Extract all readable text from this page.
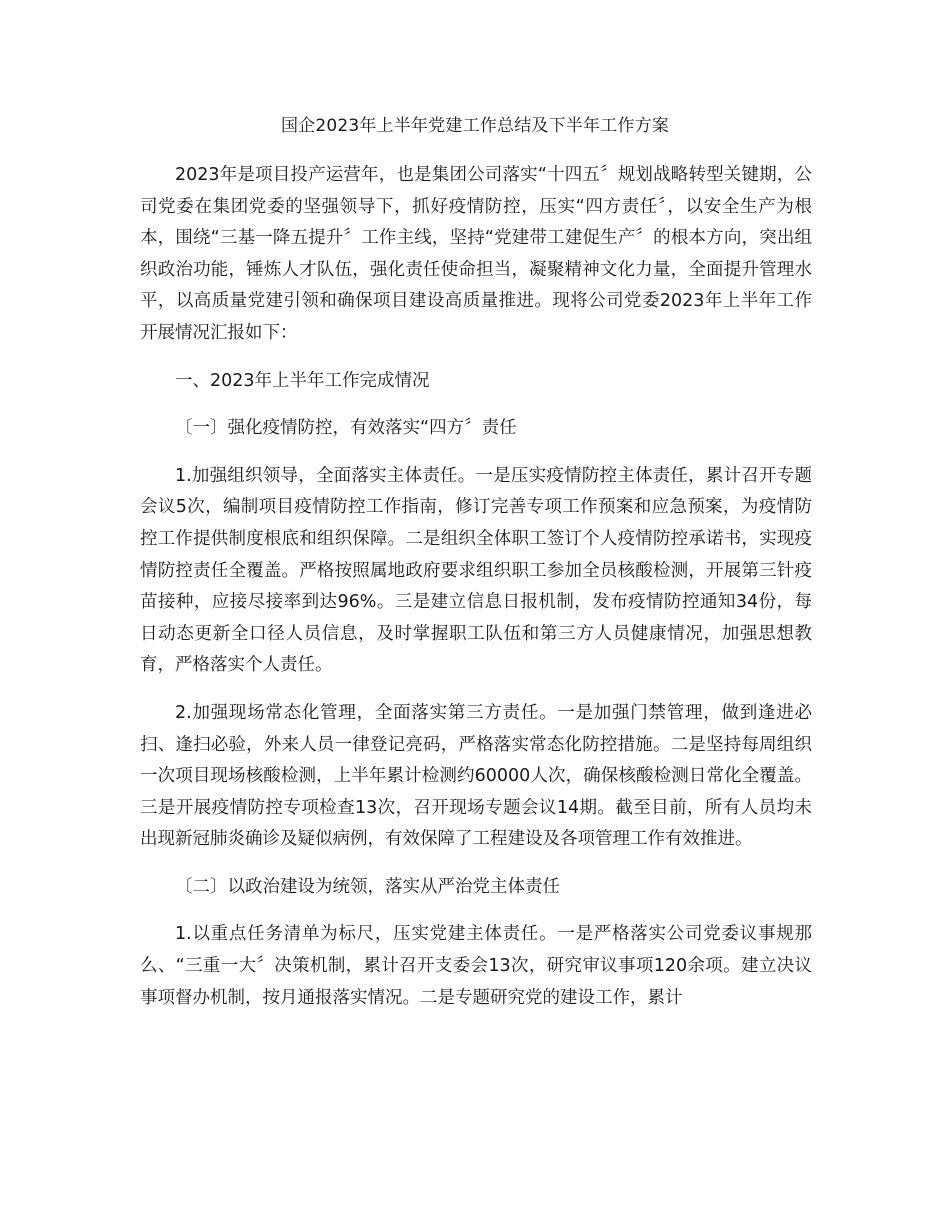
国企2023年上半年党建工作总结及下半年工作方案

2023年是项目投产运营年，也是集团公司落实“十四五〞规划战略转型关键期，公司党委在集团党委的坚强领导下，抓好疫情防控，压实“四方责任〞，以安全生产为根本，围绕“三基一降五提升〞工作主线，坚持“党建带工建促生产〞的根本方向，突出组织政治功能，锤炼人才队伍，强化责任使命担当，凝聚精神文化力量，全面提升管理水平，以高质量党建引领和确保项目建设高质量推进。现将公司党委2023年上半年工作开展情况汇报如下：

一、2023年上半年工作完成情况

〔一〕强化疫情防控，有效落实“四方〞责任

1.加强组织领导，全面落实主体责任。一是压实疫情防控主体责任，累计召开专题会议5次，编制项目疫情防控工作指南，修订完善专项工作预案和应急预案，为疫情防控工作提供制度根底和组织保障。二是组织全体职工签订个人疫情防控承诺书，实现疫情防控责任全覆盖。严格按照属地政府要求组织职工参加全员核酸检测，开展第三针疫苗接种，应接尽接率到达96%。三是建立信息日报机制，发布疫情防控通知34份，每日动态更新全口径人员信息，及时掌握职工队伍和第三方人员健康情况，加强思想教育，严格落实个人责任。

2.加强现场常态化管理，全面落实第三方责任。一是加强门禁管理，做到逢进必扫、逢扫必验，外来人员一律登记亮码，严格落实常态化防控措施。二是坚持每周组织一次项目现场核酸检测，上半年累计检测约60000人次，确保核酸检测日常化全覆盖。三是开展疫情防控专项检查13次，召开现场专题会议14期。截至目前，所有人员均未出现新冠肺炎确诊及疑似病例，有效保障了工程建设及各项管理工作有效推进。

〔二〕以政治建设为统领，落实从严治党主体责任

1.以重点任务清单为标尺，压实党建主体责任。一是严格落实公司党委议事规那么、“三重一大〞决策机制，累计召开支委会13次，研究审议事项120余项。建立决议事项督办机制，按月通报落实情况。二是专题研究党的建设工作，累计
